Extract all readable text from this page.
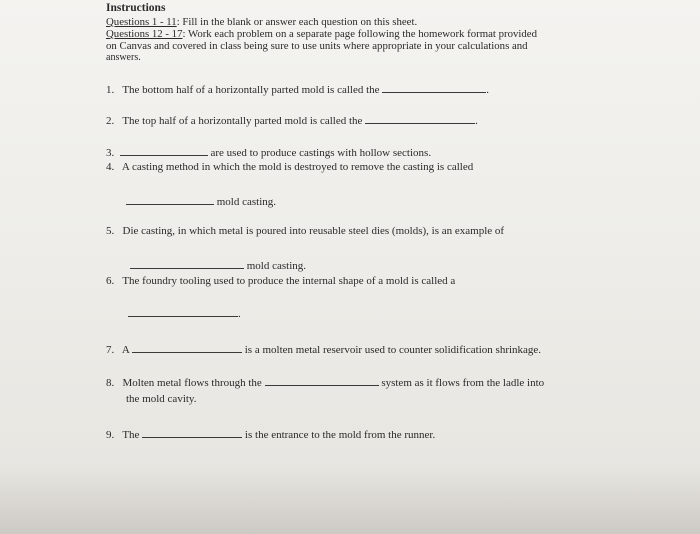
Instructions
Questions 1 - 11: Fill in the blank or answer each question on this sheet.
Questions 12 - 17: Work each problem on a separate page following the homework format provided
on Canvas and covered in class being sure to use units where appropriate in your calculations and
answers.
1. The bottom half of a horizontally parted mold is called the	.
2. The top half of a horizontally parted mold is called the	.
3.	are used to produce castings with hollow sections.
4. A casting method in which the mold is destroyed to remove the casting is called
mold casting.
5. Die casting, in which metal is poured into reusable steel dies (molds), is an example of
mold casting.
6. The foundry tooling used to produce the internal shape of a mold is called a
.
7. A	is a molten metal reservoir used to counter solidification shrinkage.
8. Molten metal flows through the	system as it flows from the ladle into
the mold cavity.
9. The	is the entrance to the mold from the runner.
